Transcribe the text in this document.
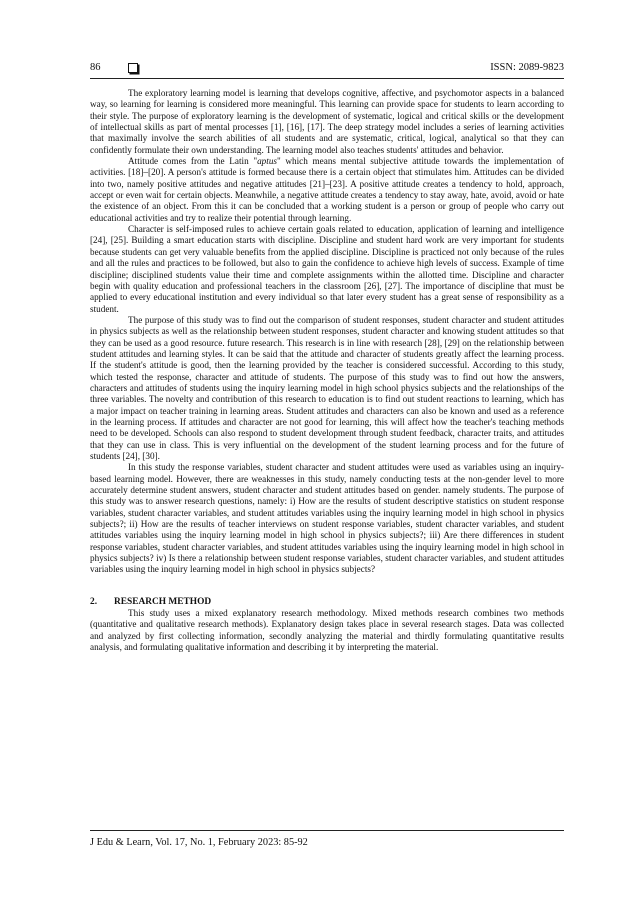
86	ISSN: 2089-9823

The exploratory learning model is learning that develops cognitive, affective, and psychomotor aspects in a balanced way, so learning for learning is considered more meaningful. This learning can provide space for students to learn according to their style. The purpose of exploratory learning is the development of systematic, logical and critical skills or the development of intellectual skills as part of mental processes [1], [16], [17]. The deep strategy model includes a series of learning activities that maximally involve the search abilities of all students and are systematic, critical, logical, analytical so that they can confidently formulate their own understanding. The learning model also teaches students' attitudes and behavior.

Attitude comes from the Latin "aptus" which means mental subjective attitude towards the implementation of activities. [18]–[20]. A person's attitude is formed because there is a certain object that stimulates him. Attitudes can be divided into two, namely positive attitudes and negative attitudes [21]–[23]. A positive attitude creates a tendency to hold, approach, accept or even wait for certain objects. Meanwhile, a negative attitude creates a tendency to stay away, hate, avoid, avoid or hate the existence of an object. From this it can be concluded that a working student is a person or group of people who carry out educational activities and try to realize their potential through learning.

Character is self-imposed rules to achieve certain goals related to education, application of learning and intelligence [24], [25]. Building a smart education starts with discipline. Discipline and student hard work are very important for students because students can get very valuable benefits from the applied discipline. Discipline is practiced not only because of the rules and all the rules and practices to be followed, but also to gain the confidence to achieve high levels of success. Example of time discipline; disciplined students value their time and complete assignments within the allotted time. Discipline and character begin with quality education and professional teachers in the classroom [26], [27]. The importance of discipline that must be applied to every educational institution and every individual so that later every student has a great sense of responsibility as a student.

The purpose of this study was to find out the comparison of student responses, student character and student attitudes in physics subjects as well as the relationship between student responses, student character and knowing student attitudes so that they can be used as a good resource. future research. This research is in line with research [28], [29] on the relationship between student attitudes and learning styles. It can be said that the attitude and character of students greatly affect the learning process. If the student's attitude is good, then the learning provided by the teacher is considered successful. According to this study, which tested the response, character and attitude of students. The purpose of this study was to find out how the answers, characters and attitudes of students using the inquiry learning model in high school physics subjects and the relationships of the three variables. The novelty and contribution of this research to education is to find out student reactions to learning, which has a major impact on teacher training in learning areas. Student attitudes and characters can also be known and used as a reference in the learning process. If attitudes and character are not good for learning, this will affect how the teacher's teaching methods need to be developed. Schools can also respond to student development through student feedback, character traits, and attitudes that they can use in class. This is very influential on the development of the student learning process and for the future of students [24], [30].

In this study the response variables, student character and student attitudes were used as variables using an inquiry-based learning model. However, there are weaknesses in this study, namely conducting tests at the non-gender level to more accurately determine student answers, student character and student attitudes based on gender. namely students. The purpose of this study was to answer research questions, namely: i) How are the results of student descriptive statistics on student response variables, student character variables, and student attitudes variables using the inquiry learning model in high school in physics subjects?; ii) How are the results of teacher interviews on student response variables, student character variables, and student attitudes variables using the inquiry learning model in high school in physics subjects?; iii) Are there differences in student response variables, student character variables, and student attitudes variables using the inquiry learning model in high school in physics subjects? iv) Is there a relationship between student response variables, student character variables, and student attitudes variables using the inquiry learning model in high school in physics subjects?

2.	RESEARCH METHOD

This study uses a mixed explanatory research methodology. Mixed methods research combines two methods (quantitative and qualitative research methods). Explanatory design takes place in several research stages. Data was collected and analyzed by first collecting information, secondly analyzing the material and thirdly formulating quantitative results analysis, and formulating qualitative information and describing it by interpreting the material.

J Edu & Learn, Vol. 17, No. 1, February 2023: 85-92
